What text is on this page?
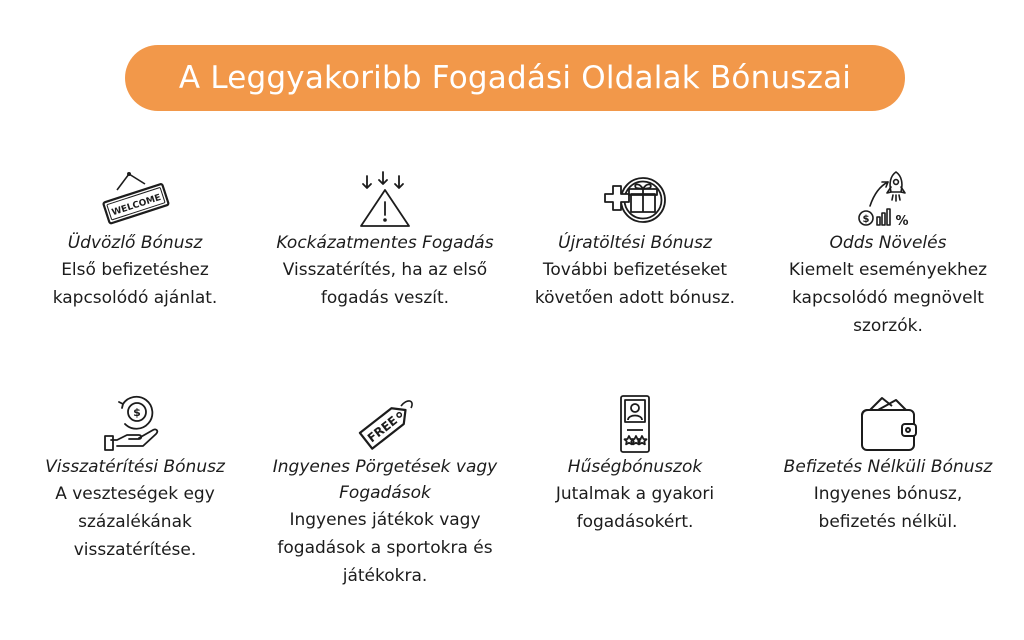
A Leggyakoribb Fogadási Oldalak Bónuszai
WELCOME
Üdvözlő Bónusz
Első befizetéshez kapcsolódó ajánlat.
Kockázatmentes Fogadás
Visszatérítés, ha az első fogadás veszít.
Újratöltési Bónusz
További befizetéseket követően adott bónusz.
$ %
Odds Növelés
Kiemelt eseményekhez kapcsolódó megnövelt szorzók.
$
Visszatérítési Bónusz
A veszteségek egy százalékának visszatérítése.
FREE
Ingyenes Pörgetések vagy Fogadások
Ingyenes játékok vagy fogadások a sportokra és játékokra.
Hűségbónuszok
Jutalmak a gyakori fogadásokért.
Befizetés Nélküli Bónusz
Ingyenes bónusz, befizetés nélkül.
